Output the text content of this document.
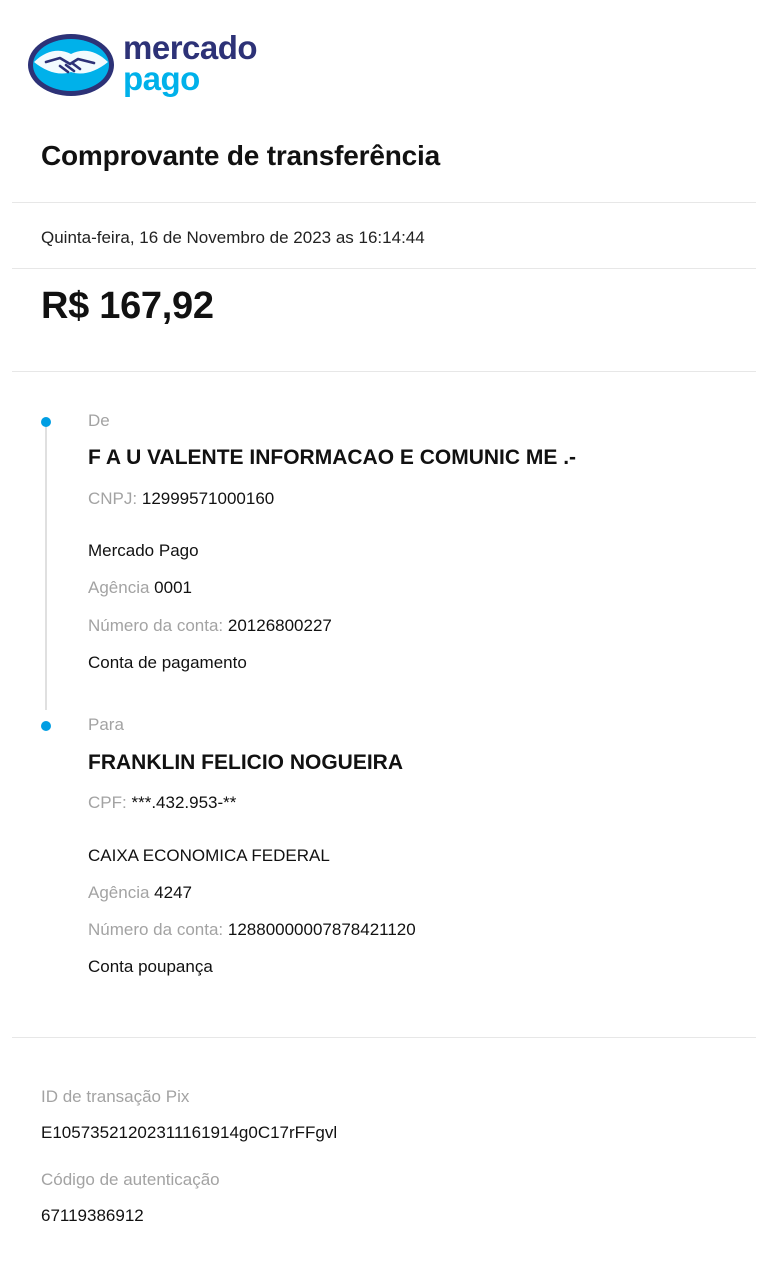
mercado
pago
Comprovante de transferência
Quinta-feira, 16 de Novembro de 2023 as 16:14:44
R$ 167,92
De
F A U VALENTE INFORMACAO E COMUNIC ME .-
CNPJ: 12999571000160
Mercado Pago
Agência 0001
Número da conta: 20126800227
Conta de pagamento
Para
FRANKLIN FELICIO NOGUEIRA
CPF: ***.432.953-**
CAIXA ECONOMICA FEDERAL
Agência 4247
Número da conta: 1288000000787842112​0
Conta poupança
ID de transação Pix
E10573521202311161914g0C17rFFgvl
Código de autenticação
67119386912
